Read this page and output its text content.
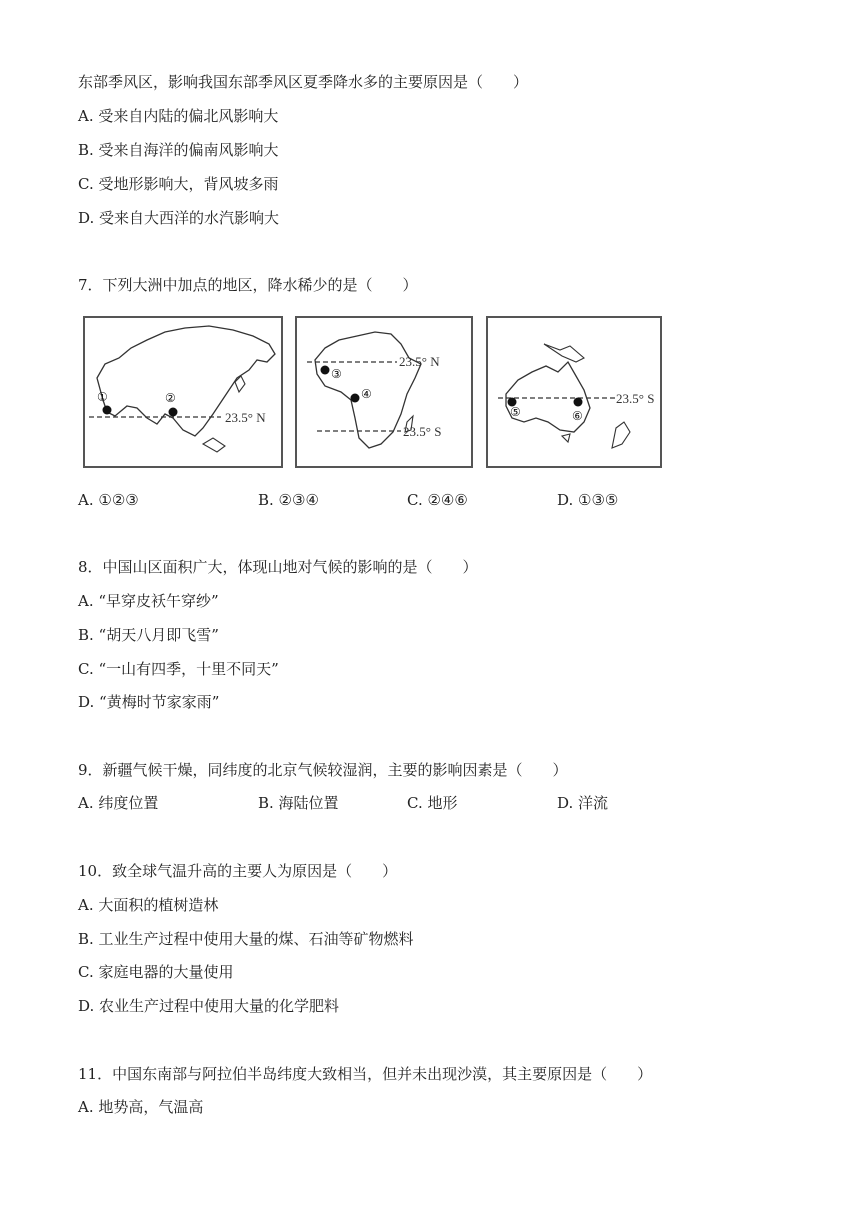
东部季风区，影响我国东部季风区夏季降水多的主要原因是（　　）
A. 受来自内陆的偏北风影响大
B. 受来自海洋的偏南风影响大
C. 受地形影响大，背风坡多雨
D. 受来自大西洋的水汽影响大
7．下列大洲中加点的地区，降水稀少的是（　　）
23.5° N
①	②
23.5° N
23.5° S
③
④	23.5° S
⑤	⑥
A. ①②③	B. ②③④	C. ②④⑥	D. ①③⑤
8．中国山区面积广大，体现山地对气候的影响的是（　　）
A. “早穿皮袄午穿纱”
B. “胡天八月即飞雪”
C. “一山有四季，十里不同天”
D. “黄梅时节家家雨”
9．新疆气候干燥，同纬度的北京气候较湿润，主要的影响因素是（　　）
A. 纬度位置	B. 海陆位置	C. 地形	D. 洋流
10．致全球气温升高的主要人为原因是（　　）
A. 大面积的植树造林
B. 工业生产过程中使用大量的煤、石油等矿物燃料
C. 家庭电器的大量使用
D. 农业生产过程中使用大量的化学肥料
11．中国东南部与阿拉伯半岛纬度大致相当，但并未出现沙漠，其主要原因是（　　）
A. 地势高，气温高
